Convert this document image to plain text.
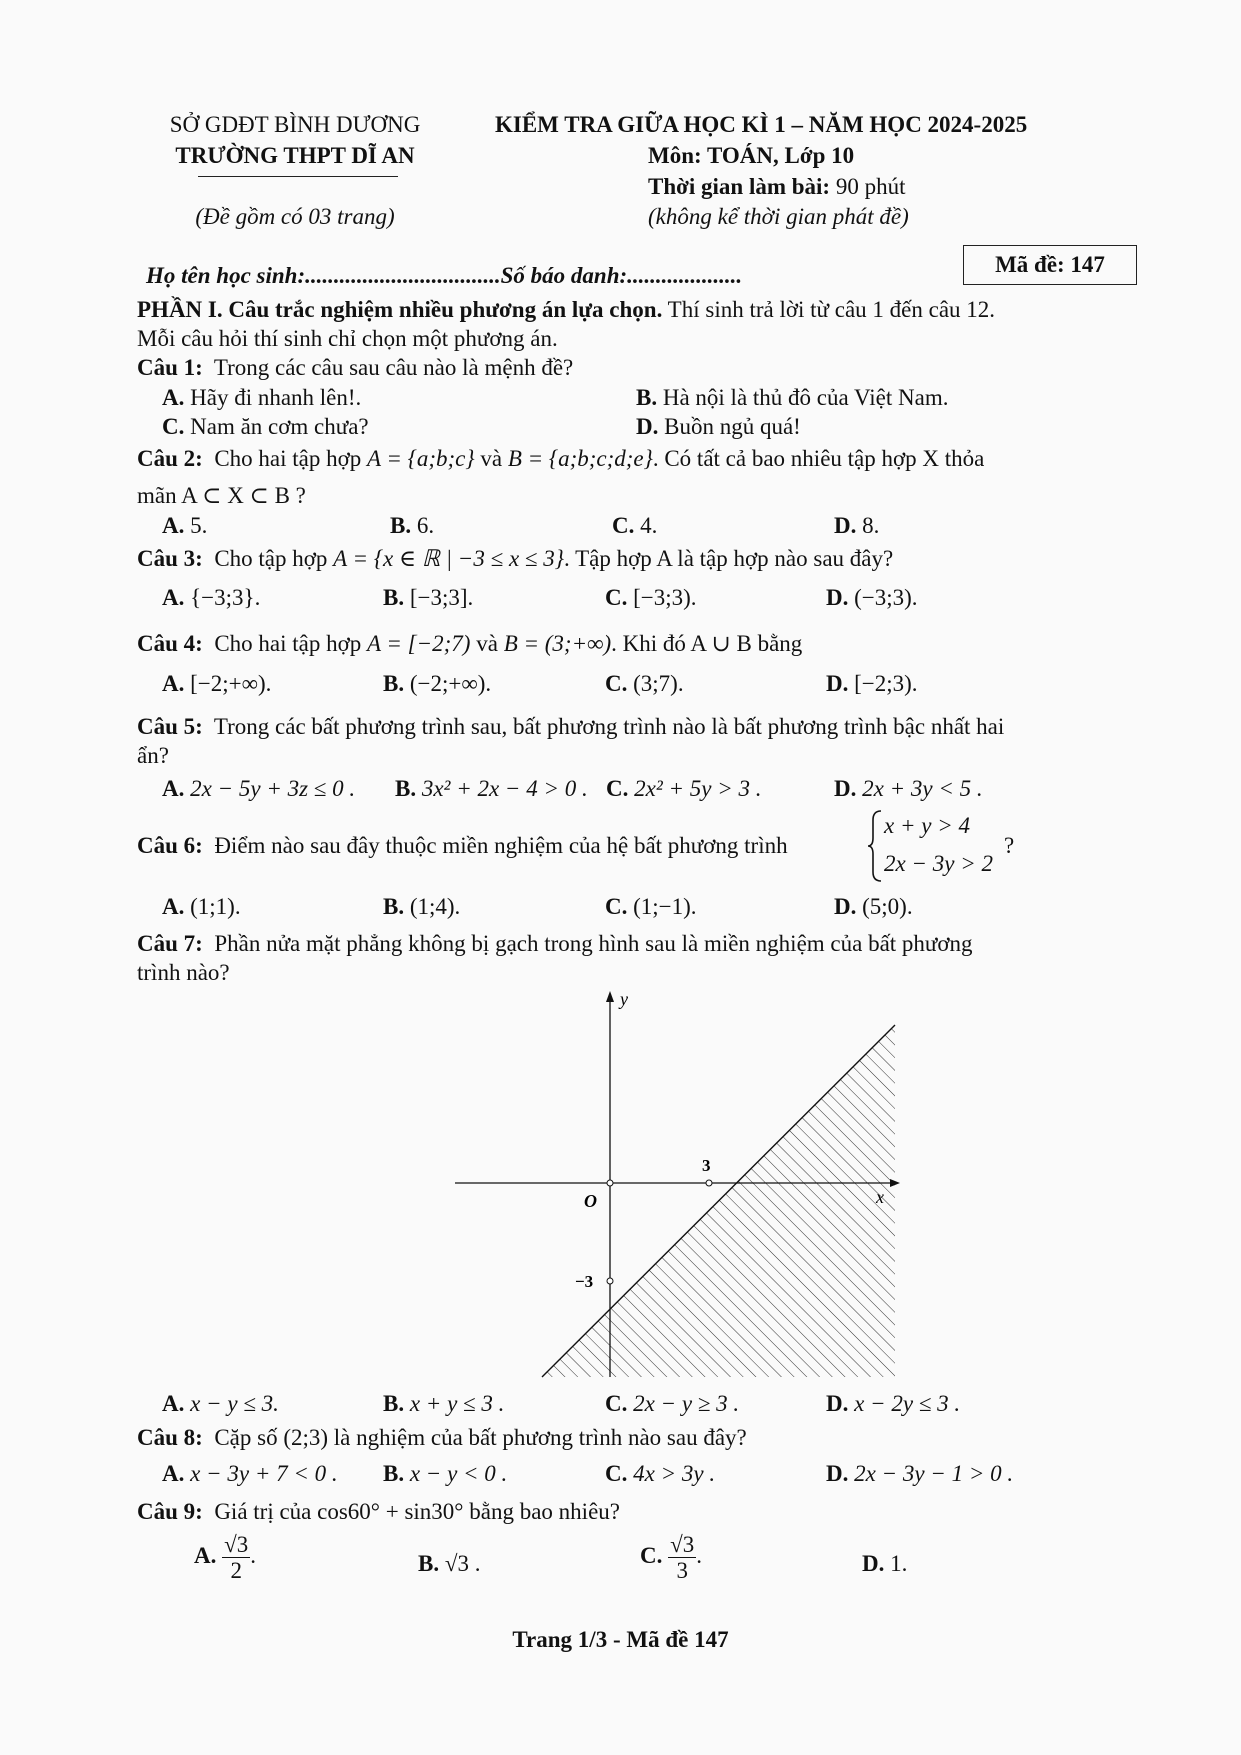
SỞ GDĐT BÌNH DƯƠNG
TRƯỜNG THPT DĨ AN
(Đề gồm có 03 trang)
KIỂM TRA GIỮA HỌC KÌ 1 – NĂM HỌC 2024-2025
Môn: TOÁN, Lớp 10
Thời gian làm bài: 90 phút
(không kể thời gian phát đề)
Họ tên học sinh:..................................Số báo danh:....................	Mã đề: 147
PHẦN I. Câu trắc nghiệm nhiều phương án lựa chọn. Thí sinh trả lời từ câu 1 đến câu 12.
Mỗi câu hỏi thí sinh chỉ chọn một phương án.
Câu 1: Trong các câu sau câu nào là mệnh đề?
A. Hãy đi nhanh lên!.	B. Hà nội là thủ đô của Việt Nam.
C. Nam ăn cơm chưa?	D. Buồn ngủ quá!
Câu 2: Cho hai tập hợp A = {a;b;c} và B = {a;b;c;d;e}. Có tất cả bao nhiêu tập hợp X thỏa
mãn A ⊂ X ⊂ B ?
A. 5.	B. 6.	C. 4.	D. 8.
Câu 3: Cho tập hợp A = {x ∈ ℝ | −3 ≤ x ≤ 3}. Tập hợp A là tập hợp nào sau đây?
A. {−3;3}.	B. [−3;3].	C. [−3;3).	D. (−3;3).
Câu 4: Cho hai tập hợp A = [−2;7) và B = (3;+∞). Khi đó A ∪ B bằng
A. [−2;+∞).	B. (−2;+∞).	C. (3;7).	D. [−2;3).
Câu 5: Trong các bất phương trình sau, bất phương trình nào là bất phương trình bậc nhất hai
ẩn?
A. 2x − 5y + 3z ≤ 0 . B. 3x² + 2x − 4 > 0 . C. 2x² + 5y > 3 .	D. 2x + 3y < 5 .
Câu 6: Điểm nào sau đây thuộc miền nghiệm của hệ bất phương trình
x + y > 4
2x − 3y > 2
?
A. (1;1).	B. (1;4).	C. (1;−1).	D. (5;0).
Câu 7: Phần nửa mặt phẳng không bị gạch trong hình sau là miền nghiệm của bất phương
trình nào?
y
x
O
3
−3
A. x − y ≤ 3.	B. x + y ≤ 3 .	C. 2x − y ≥ 3 .	D. x − 2y ≤ 3 .
Câu 8: Cặp số (2;3) là nghiệm của bất phương trình nào sau đây?
A. x − 3y + 7 < 0 . B. x − y < 0 .	C. 4x > 3y .	D. 2x − 3y − 1 > 0 .
Câu 9: Giá trị của cos60° + sin30° bằng bao nhiêu?
A. $\frac{√3}{2}$ .	B. √3 .	C. $\frac{√3}{3}$ .	D. 1.
Trang 1/3 - Mã đề 147
